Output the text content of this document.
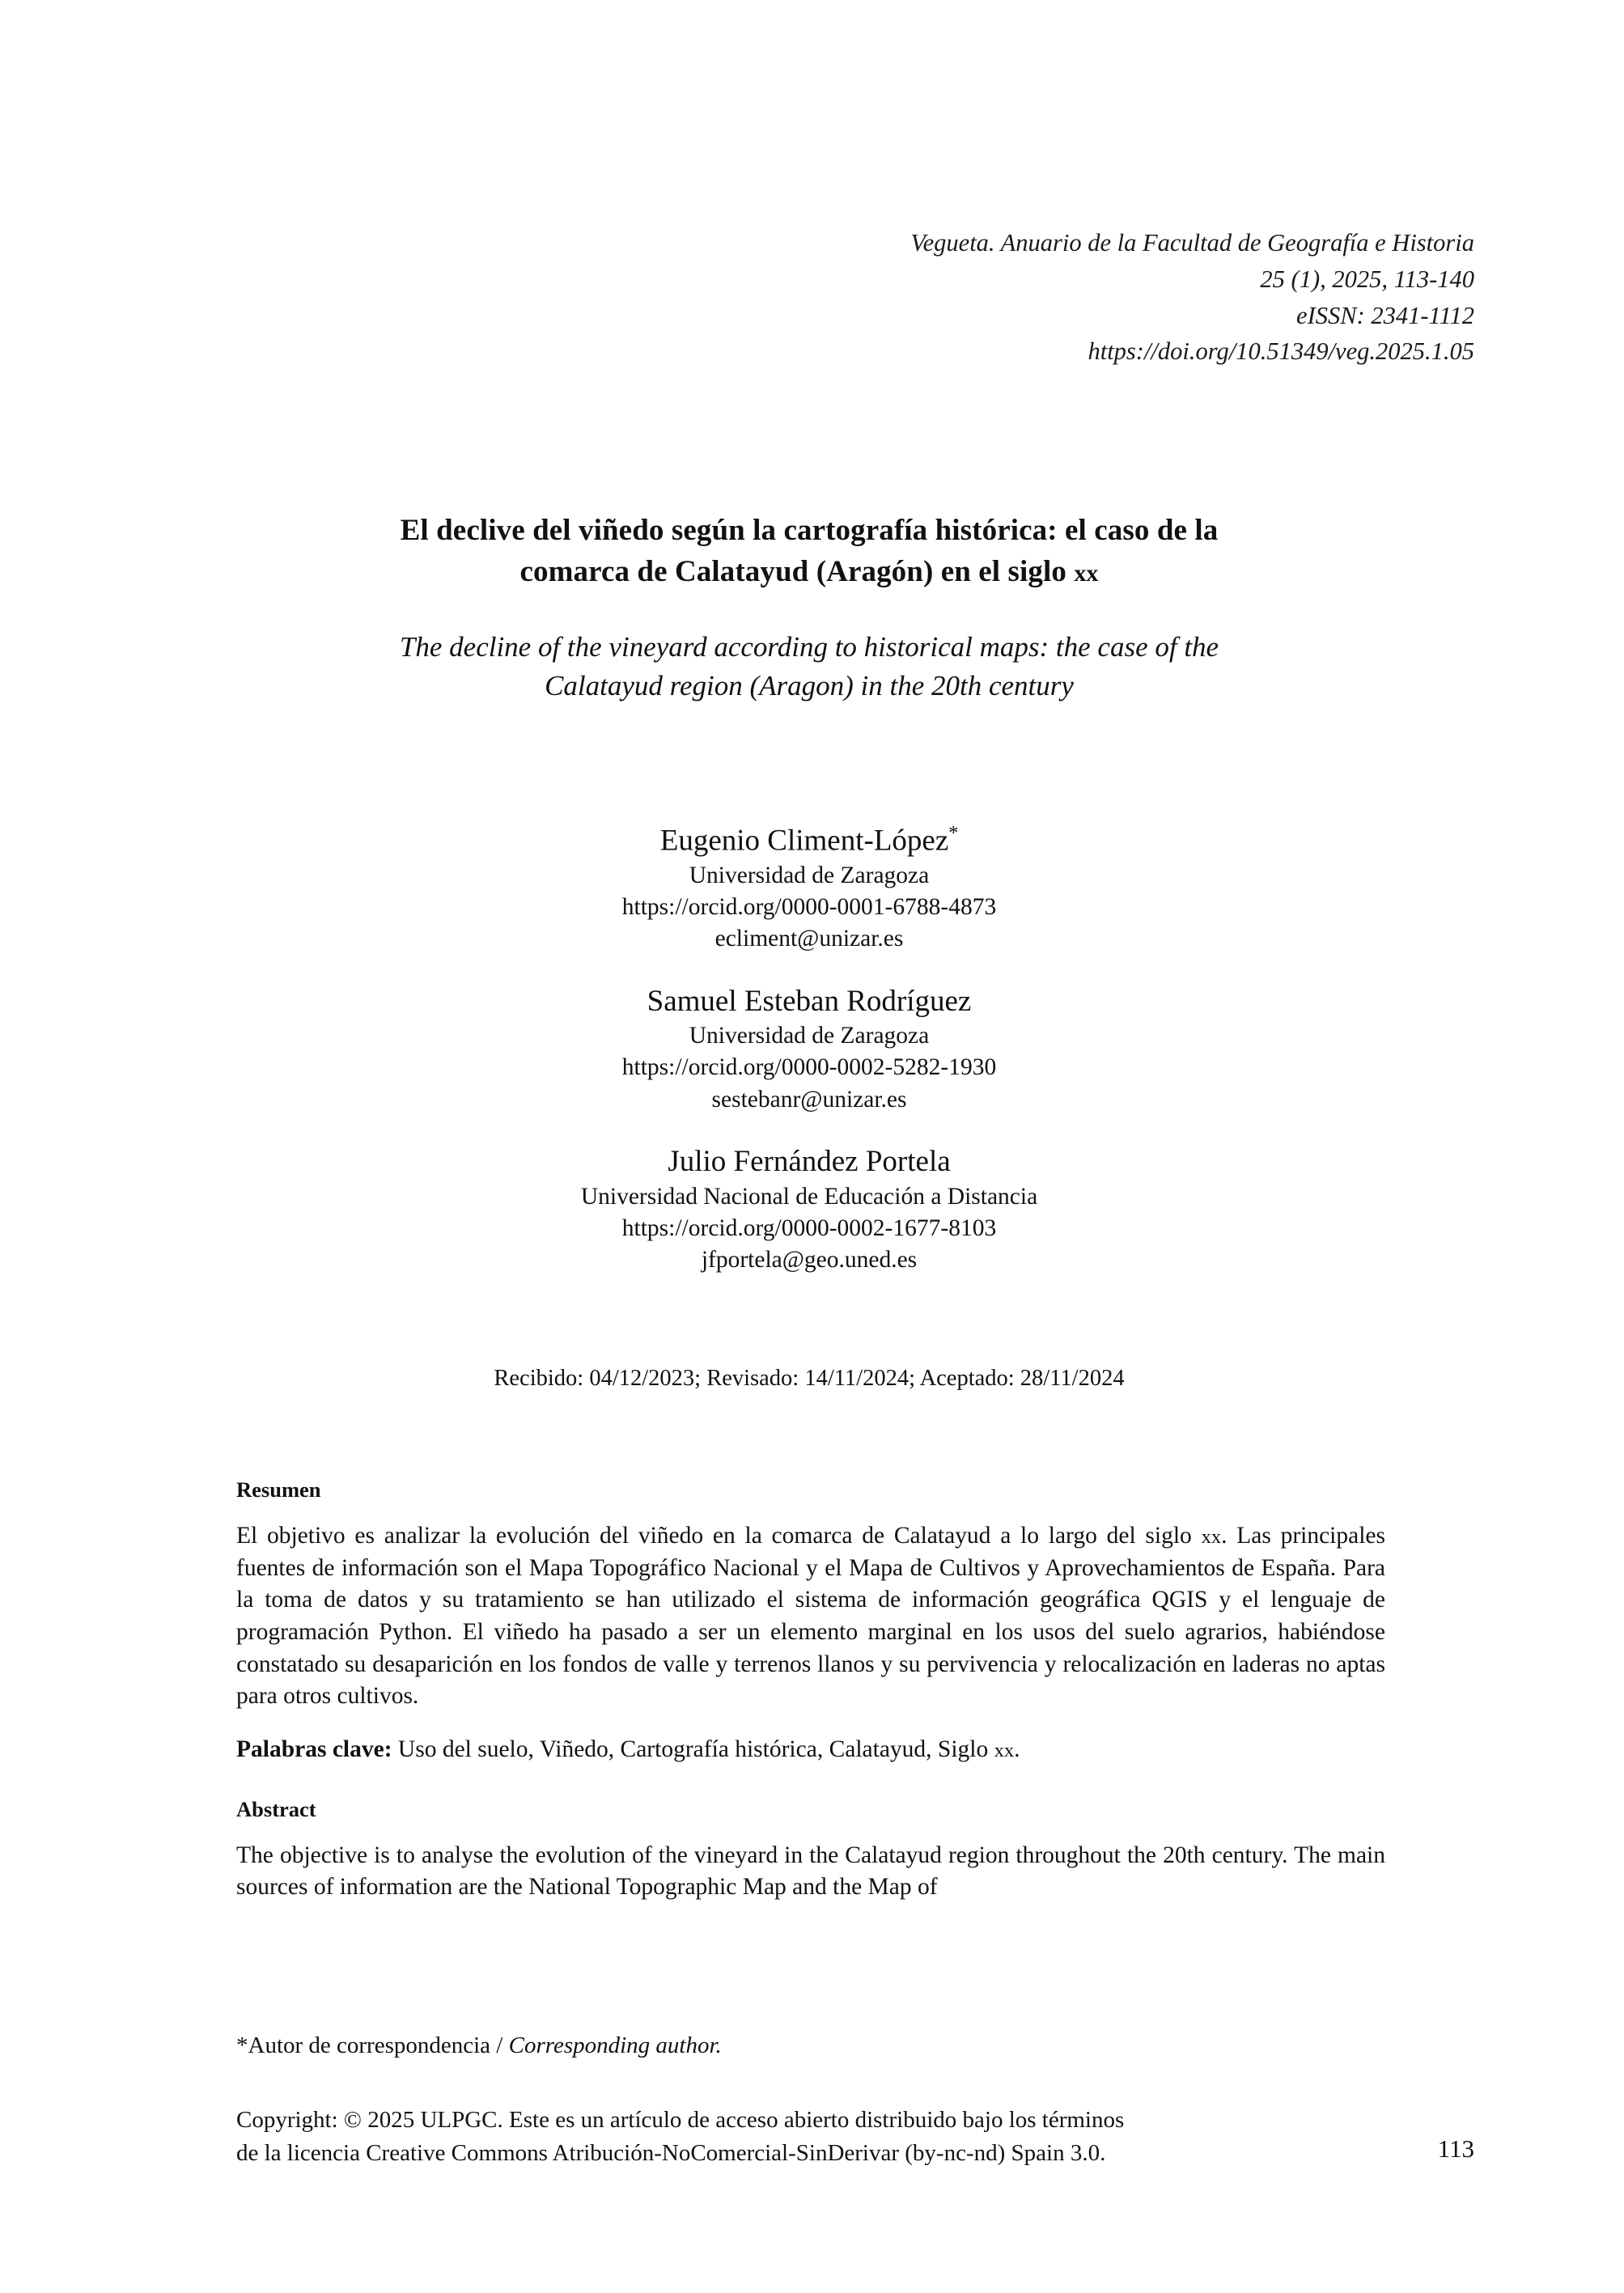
Vegueta. Anuario de la Facultad de Geografía e Historia
25 (1), 2025, 113-140
eISSN: 2341-1112
https://doi.org/10.51349/veg.2025.1.05
El declive del viñedo según la cartografía histórica: el caso de la
comarca de Calatayud (Aragón) en el siglo xx
The decline of the vineyard according to historical maps: the case of the
Calatayud region (Aragon) in the 20th century
Eugenio Climent-López*
Universidad de Zaragoza
https://orcid.org/0000-0001-6788-4873
ecliment@unizar.es
Samuel Esteban Rodríguez
Universidad de Zaragoza
https://orcid.org/0000-0002-5282-1930
sestebanr@unizar.es
Julio Fernández Portela
Universidad Nacional de Educación a Distancia
https://orcid.org/0000-0002-1677-8103
jfportela@geo.uned.es
Recibido: 04/12/2023; Revisado: 14/11/2024; Aceptado: 28/11/2024
Resumen

El objetivo es analizar la evolución del viñedo en la comarca de Calatayud a lo largo del siglo xx. Las principales fuentes de información son el Mapa Topográfico Nacional y el Mapa de Cultivos y Aprovechamientos de España. Para la toma de datos y su tratamiento se han utilizado el sistema de información geográfica QGIS y el lenguaje de programación Python. El viñedo ha pasado a ser un elemento marginal en los usos del suelo agrarios, habiéndose constatado su desaparición en los fondos de valle y terrenos llanos y su pervivencia y relocalización en laderas no aptas para otros cultivos.

Palabras clave: Uso del suelo, Viñedo, Cartografía histórica, Calatayud, Siglo xx.

Abstract

The objective is to analyse the evolution of the vineyard in the Calatayud region throughout the 20th century. The main sources of information are the National Topographic Map and the Map of

*Autor de correspondencia / Corresponding author.
Copyright: © 2025 ULPGC. Este es un artículo de acceso abierto distribuido bajo los términos
de la licencia Creative Commons Atribución-NoComercial-SinDerivar (by-nc-nd) Spain 3.0.	113
